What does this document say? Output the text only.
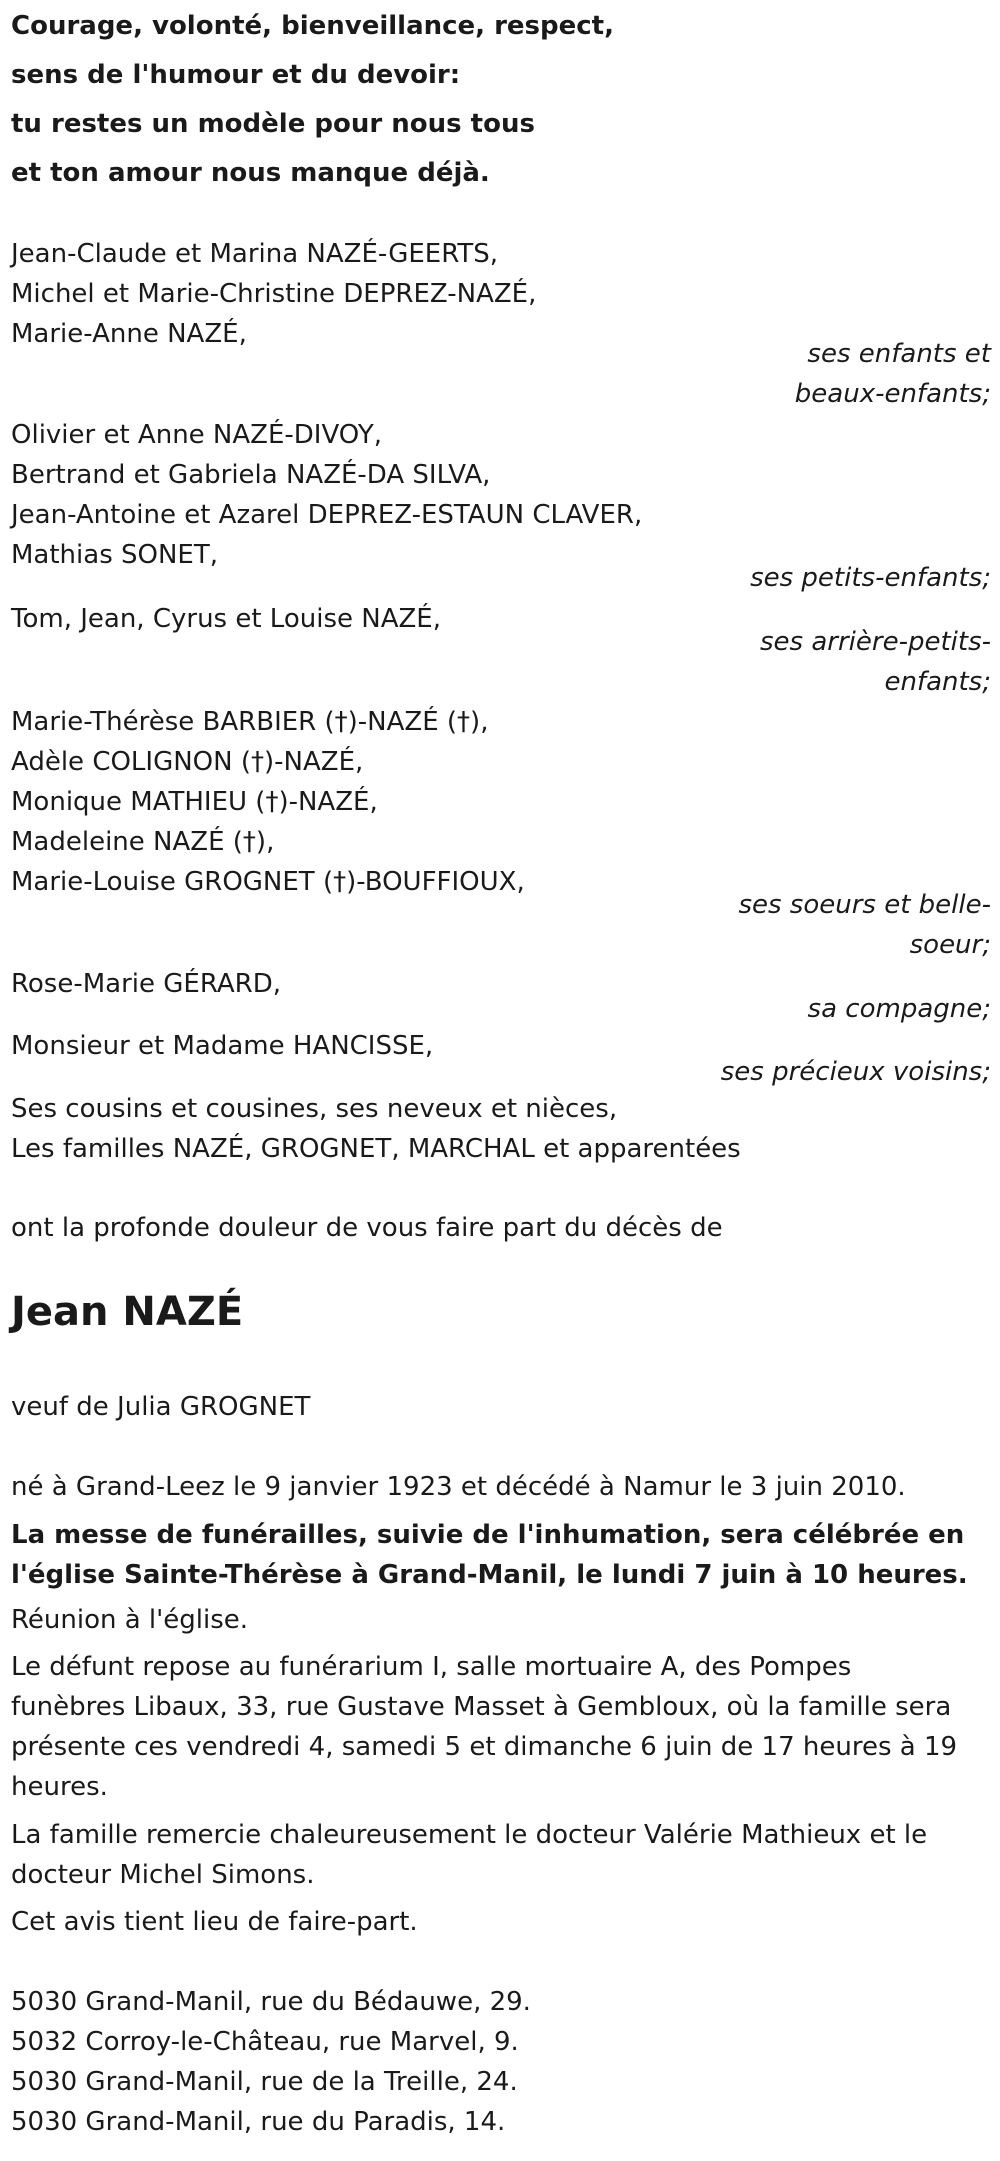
Courage, volonté, bienveillance, respect,
sens de l'humour et du devoir:
tu restes un modèle pour nous tous
et ton amour nous manque déjà.
Jean-Claude et Marina NAZÉ-GEERTS,
Michel et Marie-Christine DEPREZ-NAZÉ,
Marie-Anne NAZÉ,
ses enfants et
beaux-enfants;
Olivier et Anne NAZÉ-DIVOY,
Bertrand et Gabriela NAZÉ-DA SILVA,
Jean-Antoine et Azarel DEPREZ-ESTAUN CLAVER,
Mathias SONET,
ses petits-enfants;
Tom, Jean, Cyrus et Louise NAZÉ,
ses arrière-petits-
enfants;
Marie-Thérèse BARBIER (†)-NAZÉ (†),
Adèle COLIGNON (†)-NAZÉ,
Monique MATHIEU (†)-NAZÉ,
Madeleine NAZÉ (†),
Marie-Louise GROGNET (†)-BOUFFIOUX,
ses soeurs et belle-
soeur;
Rose-Marie GÉRARD,
sa compagne;
Monsieur et Madame HANCISSE,
ses précieux voisins;
Ses cousins et cousines, ses neveux et nièces,
Les familles NAZÉ, GROGNET, MARCHAL et apparentées
ont la profonde douleur de vous faire part du décès de
Jean NAZÉ
veuf de Julia GROGNET
né à Grand-Leez le 9 janvier 1923 et décédé à Namur le 3 juin 2010.
La messe de funérailles, suivie de l'inhumation, sera célébrée en
l'église Sainte-Thérèse à Grand-Manil, le lundi 7 juin à 10 heures.
Réunion à l'église.
Le défunt repose au funérarium I, salle mortuaire A, des Pompes
funèbres Libaux, 33, rue Gustave Masset à Gembloux, où la famille sera
présente ces vendredi 4, samedi 5 et dimanche 6 juin de 17 heures à 19
heures.
La famille remercie chaleureusement le docteur Valérie Mathieux et le
docteur Michel Simons.
Cet avis tient lieu de faire-part.
5030 Grand-Manil, rue du Bédauwe, 29.
5032 Corroy-le-Château, rue Marvel, 9.
5030 Grand-Manil, rue de la Treille, 24.
5030 Grand-Manil, rue du Paradis, 14.
